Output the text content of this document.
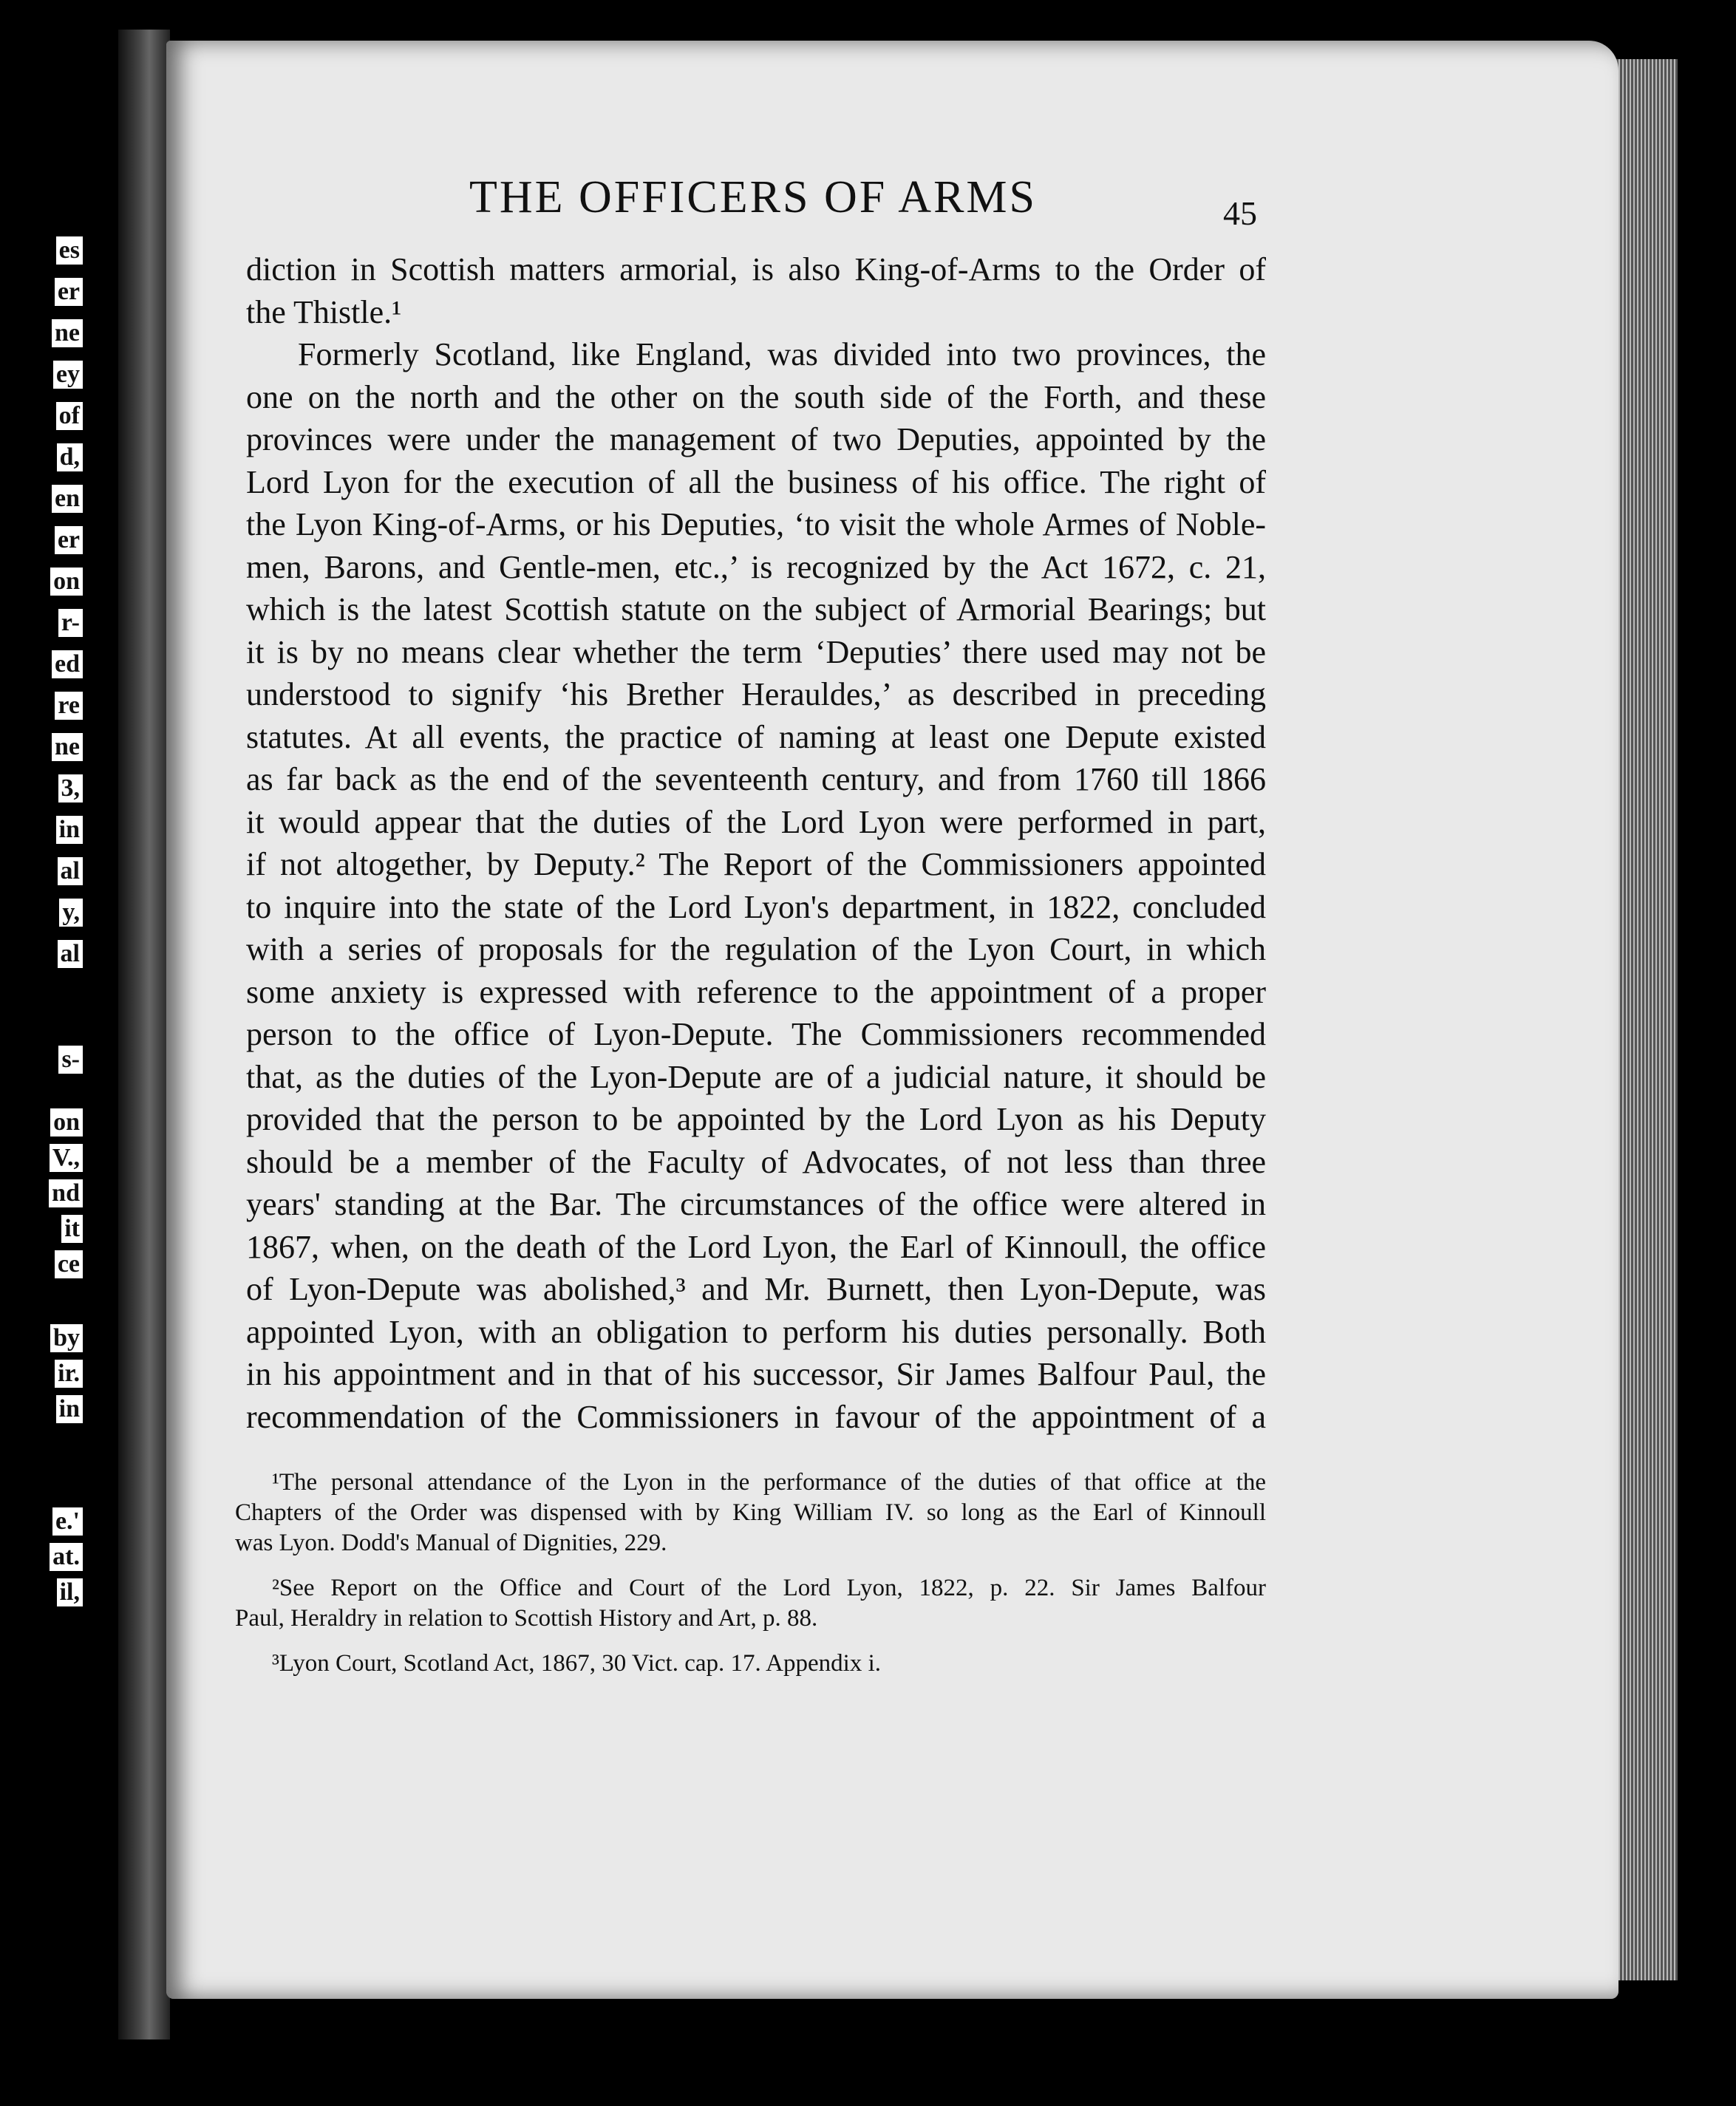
es
er
ne
ey
of
d,
en
er
on
r-
ed
re
ne
3,
in
al
y,
al
s-
on
V.,
nd
it
ce
by
ir.
in
e.'
at.
il,
THE OFFICERS OF ARMS	45
diction in Scottish matters armorial, is also King-of-Arms to the Order of
the Thistle.¹
Formerly Scotland, like England, was divided into two provinces, the
one on the north and the other on the south side of the Forth, and these
provinces were under the management of two Deputies, appointed by the
Lord Lyon for the execution of all the business of his office. The right of
the Lyon King-of-Arms, or his Deputies, ‘to visit the whole Armes of Noble-
men, Barons, and Gentle-men, etc.,’ is recognized by the Act 1672, c. 21,
which is the latest Scottish statute on the subject of Armorial Bearings; but
it is by no means clear whether the term ‘Deputies’ there used may not be
understood to signify ‘his Brether Herauldes,’ as described in preceding
statutes. At all events, the practice of naming at least one Depute existed
as far back as the end of the seventeenth century, and from 1760 till 1866
it would appear that the duties of the Lord Lyon were performed in part,
if not altogether, by Deputy.² The Report of the Commissioners appointed
to inquire into the state of the Lord Lyon's department, in 1822, concluded
with a series of proposals for the regulation of the Lyon Court, in which
some anxiety is expressed with reference to the appointment of a proper
person to the office of Lyon-Depute. The Commissioners recommended
that, as the duties of the Lyon-Depute are of a judicial nature, it should be
provided that the person to be appointed by the Lord Lyon as his Deputy
should be a member of the Faculty of Advocates, of not less than three
years' standing at the Bar. The circumstances of the office were altered in
1867, when, on the death of the Lord Lyon, the Earl of Kinnoull, the office
of Lyon-Depute was abolished,³ and Mr. Burnett, then Lyon-Depute, was
appointed Lyon, with an obligation to perform his duties personally. Both
in his appointment and in that of his successor, Sir James Balfour Paul, the
recommendation of the Commissioners in favour of the appointment of a
¹The personal attendance of the Lyon in the performance of the duties of that office at the
Chapters of the Order was dispensed with by King William IV. so long as the Earl of Kinnoull
was Lyon. Dodd's Manual of Dignities, 229.
²See Report on the Office and Court of the Lord Lyon, 1822, p. 22. Sir James Balfour
Paul, Heraldry in relation to Scottish History and Art, p. 88.
³Lyon Court, Scotland Act, 1867, 30 Vict. cap. 17. Appendix i.
